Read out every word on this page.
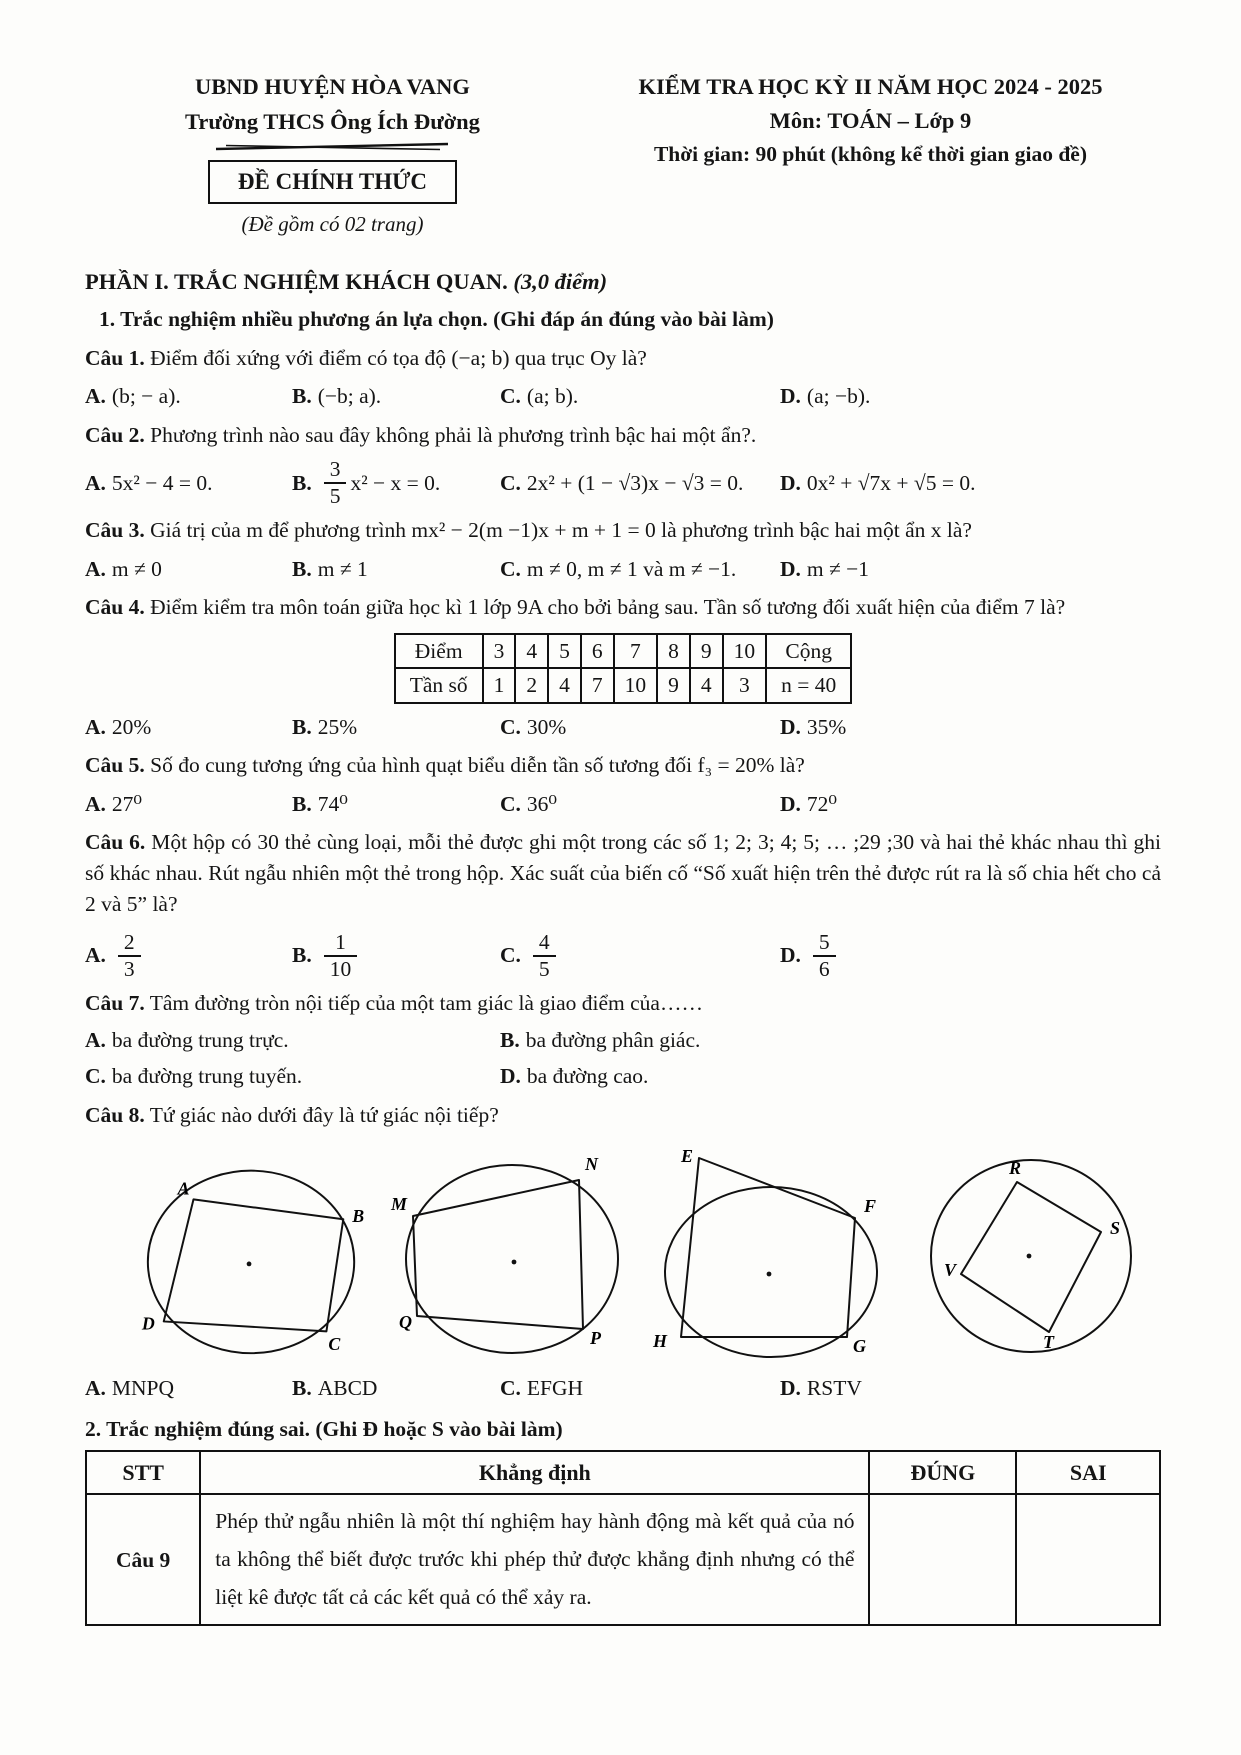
UBND HUYỆN HÒA VANG
Trường THCS Ông Ích Đường
ĐỀ CHÍNH THỨC
(Đề gồm có 02 trang)
KIỂM TRA HỌC KỲ II NĂM HỌC 2024 - 2025
Môn: TOÁN – Lớp 9
Thời gian: 90 phút (không kể thời gian giao đề)
PHẦN I. TRẮC NGHIỆM KHÁCH QUAN. (3,0 điểm)
1. Trắc nghiệm nhiều phương án lựa chọn. (Ghi đáp án đúng vào bài làm)
Câu 1. Điểm đối xứng với điểm có tọa độ (−a; b) qua trục Oy là?
A. (b; − a).	B. (−b; a).	C. (a; b).	D. (a; −b).
Câu 2. Phương trình nào sau đây không phải là phương trình bậc hai một ẩn?.
A. 5x² − 4 = 0.	B. $\frac{3}{5} x^2 - x = 0$.	C. 2x² + (1 − √3)x − √3 = 0.	D. 0x² + √7x + √5 = 0.
Câu 3. Giá trị của m để phương trình mx² − 2(m −1)x + m + 1 = 0 là phương trình bậc hai một ẩn x là?
A. m ≠ 0	B. m ≠ 1	C. m ≠ 0, m ≠ 1 và m ≠ −1.	D. m ≠ −1
Câu 4. Điểm kiểm tra môn toán giữa học kì 1 lớp 9A cho bởi bảng sau. Tần số tương đối xuất hiện của điểm 7 là?
Điểm	3	4	5	6	7	8	9	10	Cộng
Tần số	1	2	4	7	10	9	4	3	n = 40
A. 20%	B. 25%	C. 30%	D. 35%
Câu 5. Số đo cung tương ứng của hình quạt biểu diễn tần số tương đối f₃ = 20% là?
A. 27⁰	B. 74⁰	C. 36⁰	D. 72⁰
Câu 6. Một hộp có 30 thẻ cùng loại, mỗi thẻ được ghi một trong các số 1; 2; 3; 4; 5; … ;29 ;30 và hai thẻ khác nhau thì ghi số khác nhau. Rút ngẫu nhiên một thẻ trong hộp. Xác suất của biến cố “Số xuất hiện trên thẻ được rút ra là số chia hết cho cả 2 và 5” là?
A. $\frac{2}{3}$	B. $\frac{1}{10}$	C. $\frac{4}{5}$	D. $\frac{5}{6}$
Câu 7. Tâm đường tròn nội tiếp của một tam giác là giao điểm của……
A. ba đường trung trực.	B. ba đường phân giác.
C. ba đường trung tuyến.	D. ba đường cao.
Câu 8. Tứ giác nào dưới đây là tứ giác nội tiếp?
A
B
C
D
M
N
P
Q
E
F
G
H
R
S
T
V
A. MNPQ	B. ABCD	C. EFGH	D. RSTV
2. Trắc nghiệm đúng sai. (Ghi Đ hoặc S vào bài làm)
STT	Khẳng định	ĐÚNG	SAI
Câu 9	Phép thử ngẫu nhiên là một thí nghiệm hay hành động mà kết quả của nó ta không thể biết được trước khi phép thử được khẳng định nhưng có thể liệt kê được tất cả các kết quả có thể xảy ra.		
